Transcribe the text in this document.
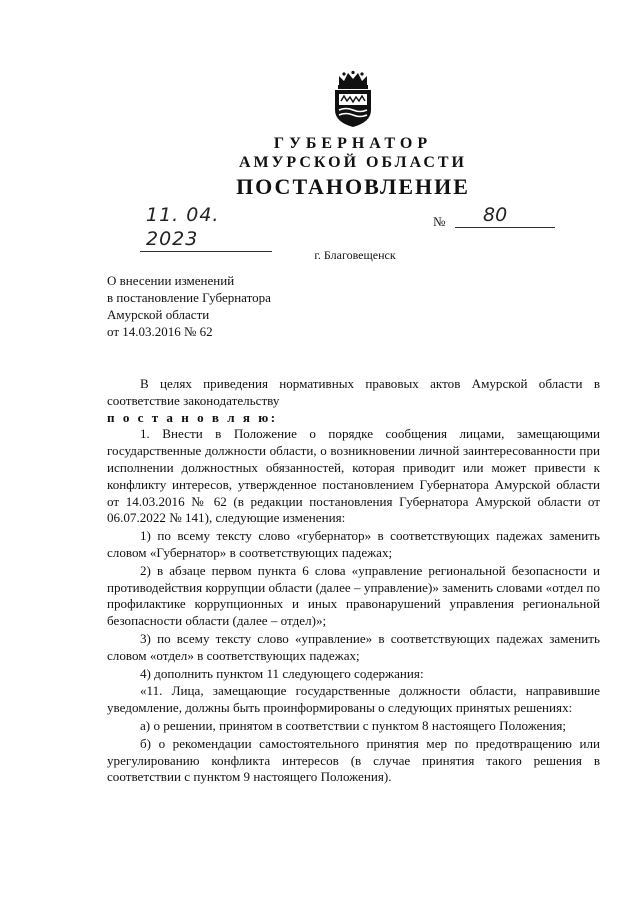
ГУБЕРНАТОР
АМУРСКОЙ ОБЛАСТИ
ПОСТАНОВЛЕНИЕ
11. 04. 2023
№	80
г. Благовещенск
О внесении изменений
в постановление Губернатора
Амурской области
от 14.03.2016 № 62

В целях приведения нормативных правовых актов Амурской области в соответствие законодательству

п о с т а н о в л я ю:

1. Внести в Положение о порядке сообщения лицами, замещающими государственные должности области, о возникновении личной заинтересованности при исполнении должностных обязанностей, которая приводит или может привести к конфликту интересов, утвержденное постановлением Губернатора Амурской области от 14.03.2016 № 62 (в редакции постановления Губернатора Амурской области от 06.07.2022 № 141), следующие изменения:

1) по всему тексту слово «губернатор» в соответствующих падежах заменить словом «Губернатор» в соответствующих падежах;

2) в абзаце первом пункта 6 слова «управление региональной безопасности и противодействия коррупции области (далее – управление)» заменить словами «отдел по профилактике коррупционных и иных правонарушений управления региональной безопасности области (далее – отдел)»;

3) по всему тексту слово «управление» в соответствующих падежах заменить словом «отдел» в соответствующих падежах;

4) дополнить пунктом 11 следующего содержания:

«11. Лица, замещающие государственные должности области, направившие уведомление, должны быть проинформированы о следующих принятых решениях:

а) о решении, принятом в соответствии с пунктом 8 настоящего Положения;

б) о рекомендации самостоятельного принятия мер по предотвращению или урегулированию конфликта интересов (в случае принятия такого решения в соответствии с пунктом 9 настоящего Положения).
